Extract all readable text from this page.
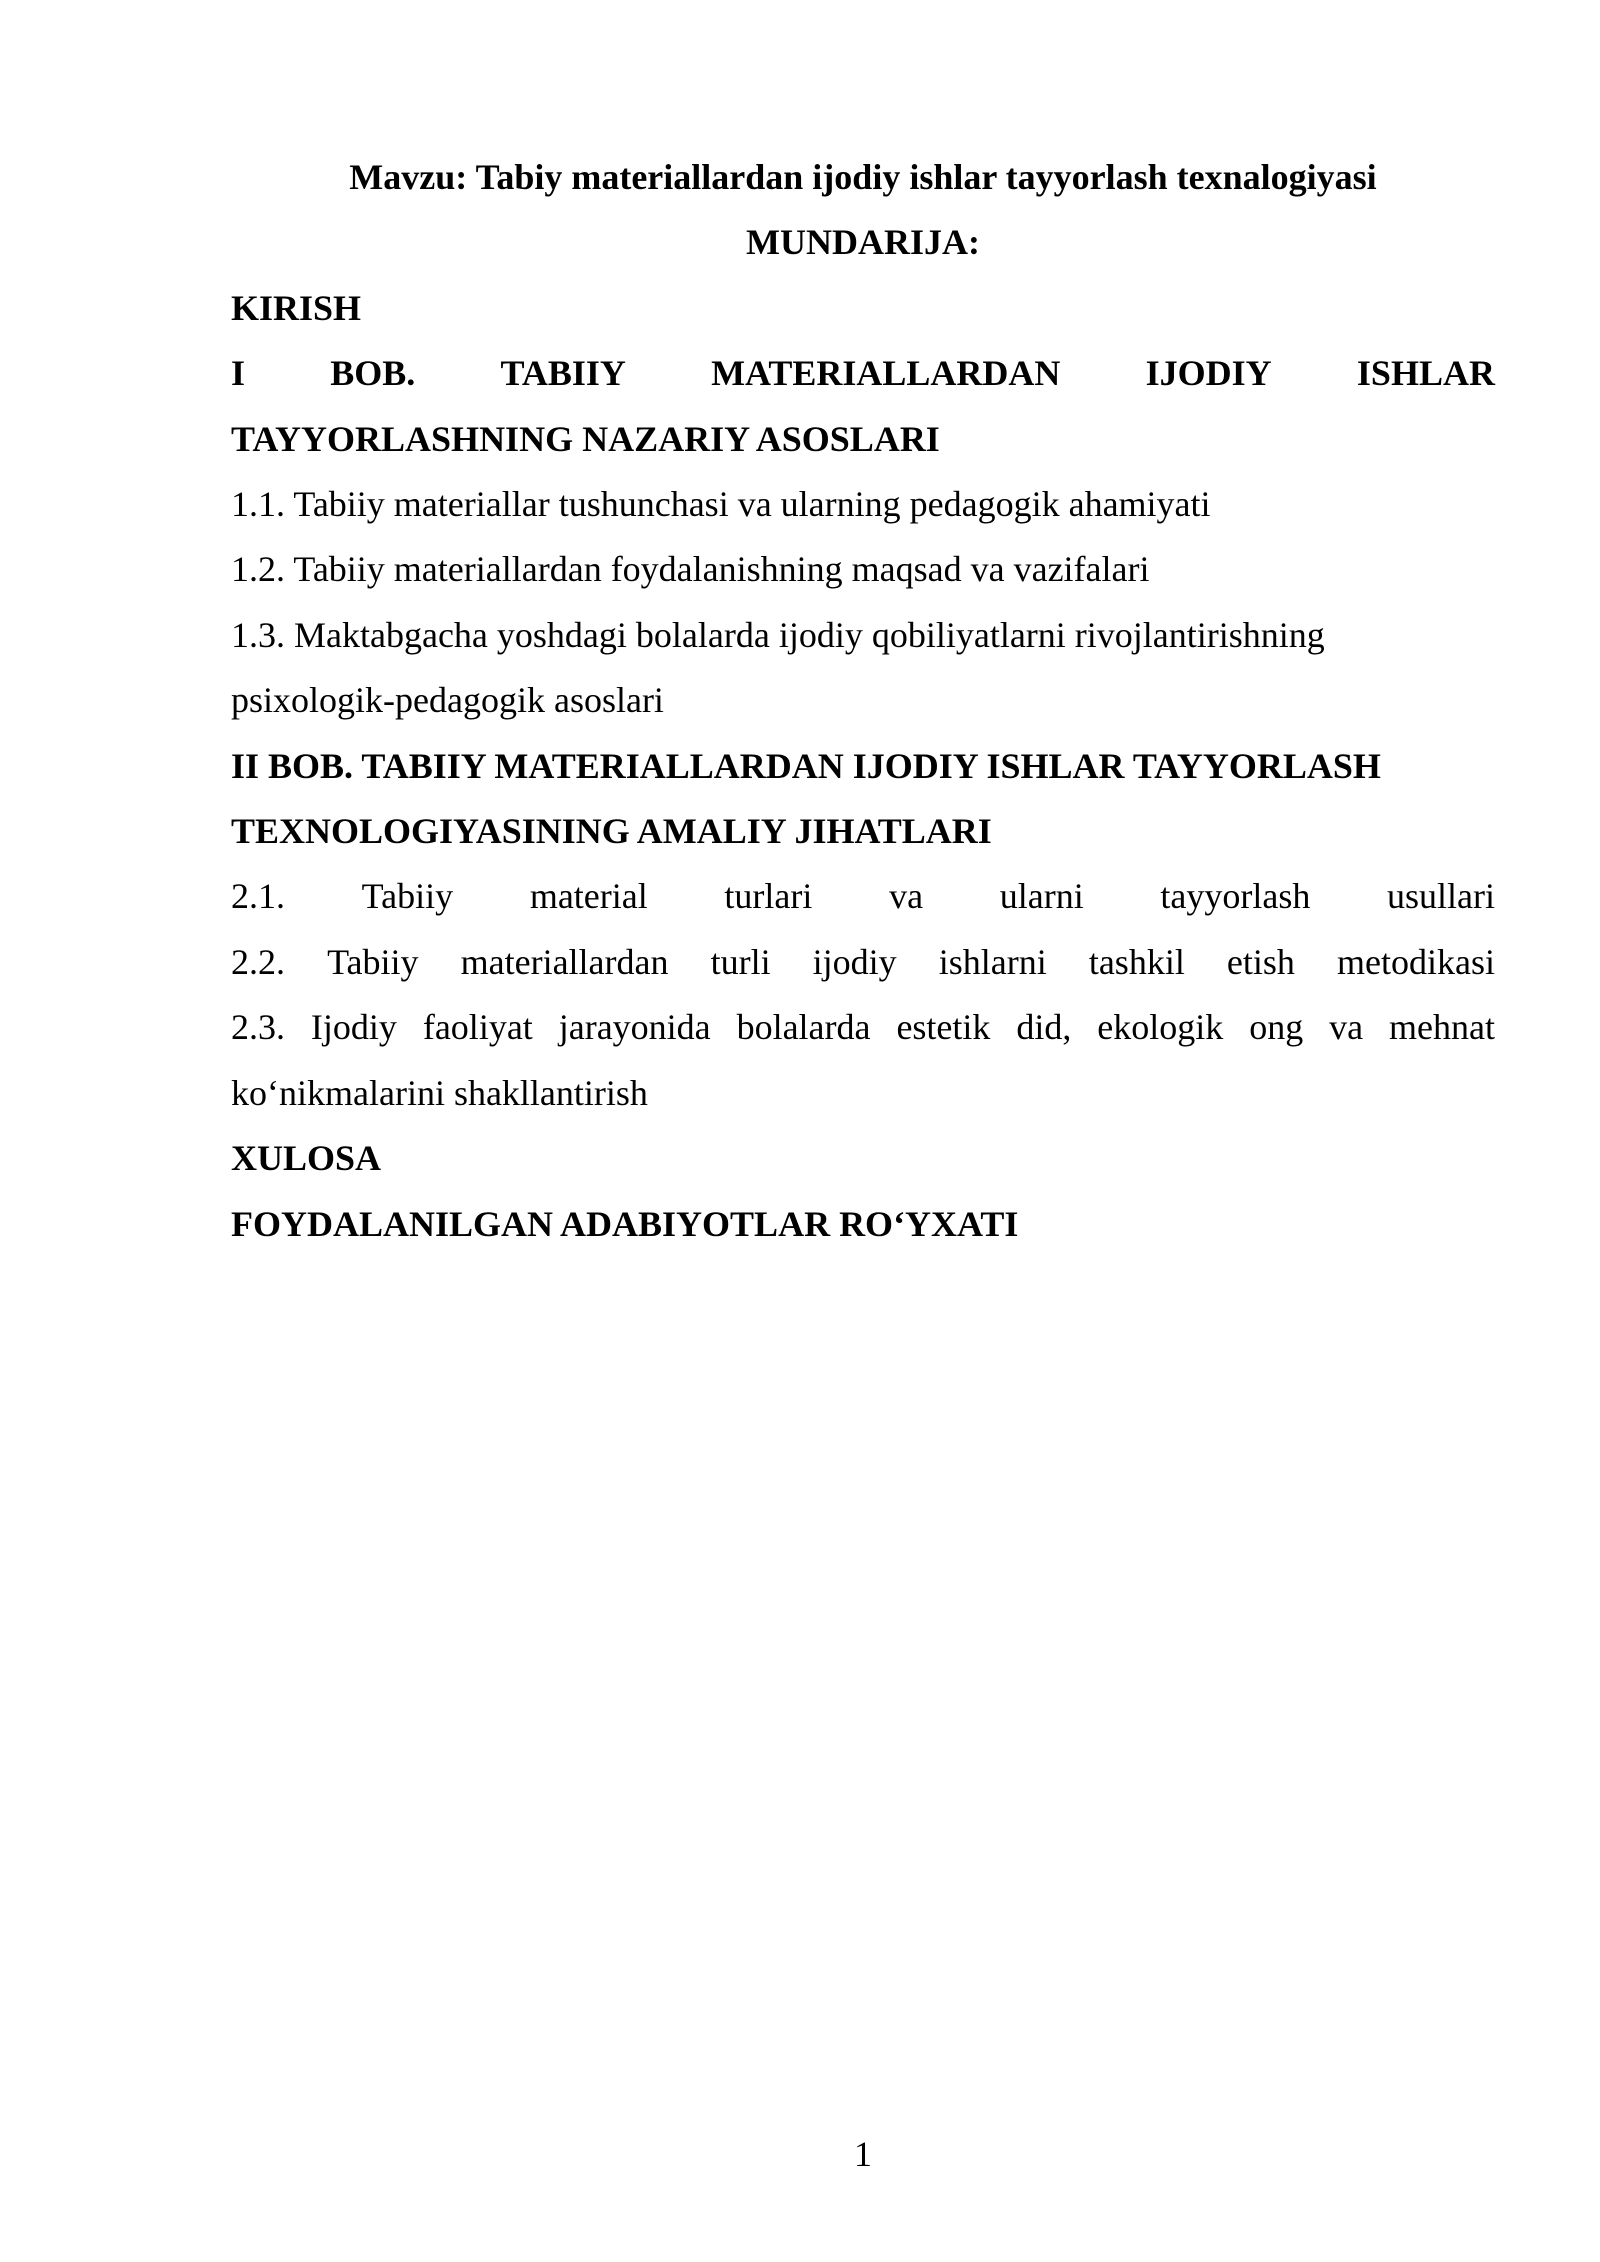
Mavzu: Tabiy materiallardan ijodiy ishlar tayyorlash texnalogiyasi

MUNDARIJA:

KIRISH

I BOB. TABIIY MATERIALLARDAN IJODIY ISHLAR

TAYYORLASHNING NAZARIY ASOSLARI

1.1. Tabiiy materiallar tushunchasi va ularning pedagogik ahamiyati

1.2. Tabiiy materiallardan foydalanishning maqsad va vazifalari

1.3. Maktabgacha yoshdagi bolalarda ijodiy qobiliyatlarni rivojlantirishning

psixologik-pedagogik asoslari

II BOB. TABIIY MATERIALLARDAN IJODIY ISHLAR TAYYORLASH

TEXNOLOGIYASINING AMALIY JIHATLARI

2.1. Tabiiy material turlari va ularni tayyorlash usullari

2.2. Tabiiy materiallardan turli ijodiy ishlarni tashkil etish metodikasi

2.3. Ijodiy faoliyat jarayonida bolalarda estetik did, ekologik ong va mehnat

ko‘nikmalarini shakllantirish

XULOSA

FOYDALANILGAN ADABIYOTLAR RO‘YXATI

1
